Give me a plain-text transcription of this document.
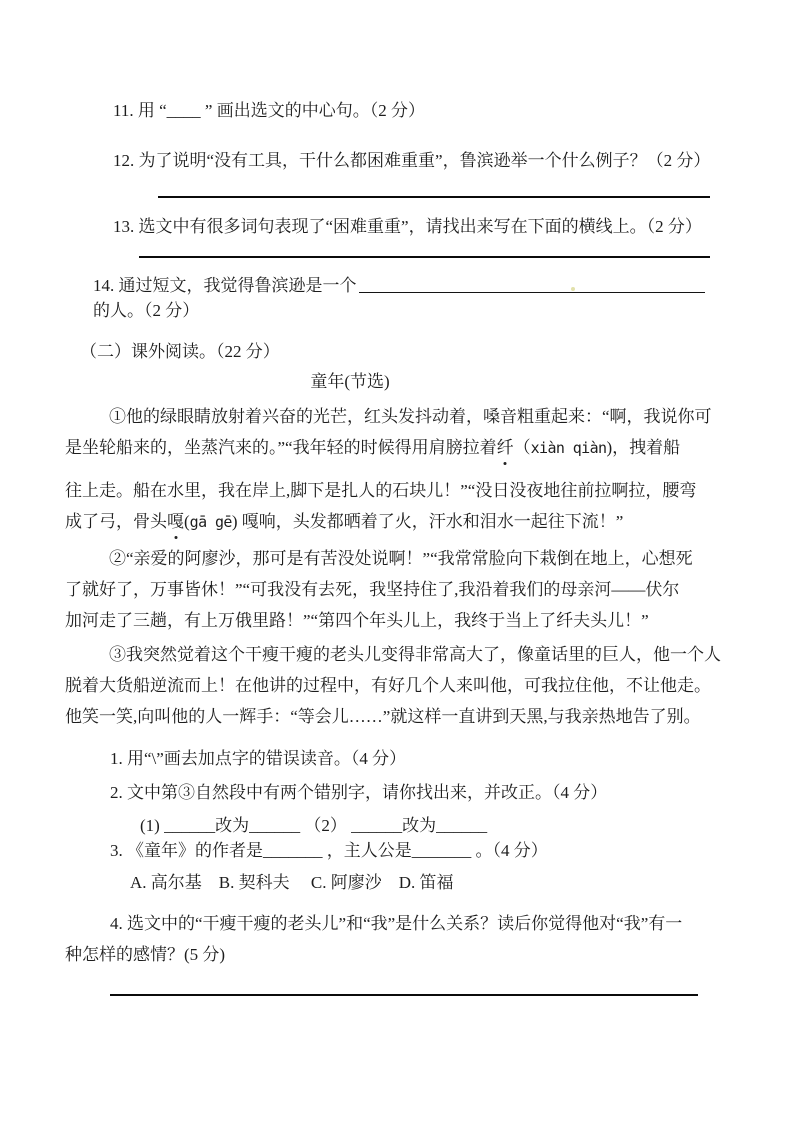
11. 用 “____ ” 画出选文的中心句。（2 分）
12. 为了说明“没有工具，干什么都困难重重”，鲁滨逊举一个什么例子？（2 分）
13. 选文中有很多词句表现了“困难重重”，请找出来写在下面的横线上。（2 分）
14. 通过短文，我觉得鲁滨逊是一个
的人。（2 分）
（二）课外阅读。（22 分）
童年(节选)
①他的绿眼睛放射着兴奋的光芒，红头发抖动着，嗓音粗重起来：“啊，我说你可
是坐轮船来的，坐蒸汽来的。”“我年轻的时候得用肩膀拉着纤（xiàn qiàn)，拽着船
往上走。船在水里，我在岸上,脚下是扎人的石块儿！”“没日没夜地往前拉啊拉，腰弯
成了弓，骨头嘎(gā gē) 嘎响，头发都晒着了火，汗水和泪水一起往下流！”
②“亲爱的阿廖沙，那可是有苦没处说啊！”“我常常脸向下栽倒在地上，心想死
了就好了，万事皆休！”“可我没有去死，我坚持住了,我沿着我们的母亲河——伏尔
加河走了三趟，有上万俄里路！”“第四个年头儿上，我终于当上了纤夫头儿！”
③我突然觉着这个干瘦干瘦的老头儿变得非常高大了，像童话里的巨人，他一个人
脱着大货船逆流而上！在他讲的过程中，有好几个人来叫他，可我拉住他，不让他走。
他笑一笑,向叫他的人一辉手：“等会儿……”就这样一直讲到天黑,与我亲热地告了别。
1. 用“\”画去加点字的错误读音。（4 分）
2. 文中第③自然段中有两个错别字，请你找出来，并改正。（4 分）
(1) ______改为______ （2） ______改为______
3. 《童年》的作者是_______ ，主人公是_______ 。（4 分）
A. 高尔基 B. 契科夫 C. 阿廖沙 D. 笛福
4. 选文中的“干瘦干瘦的老头儿”和“我”是什么关系？读后你觉得他对“我”有一
种怎样的感情？(5 分)
